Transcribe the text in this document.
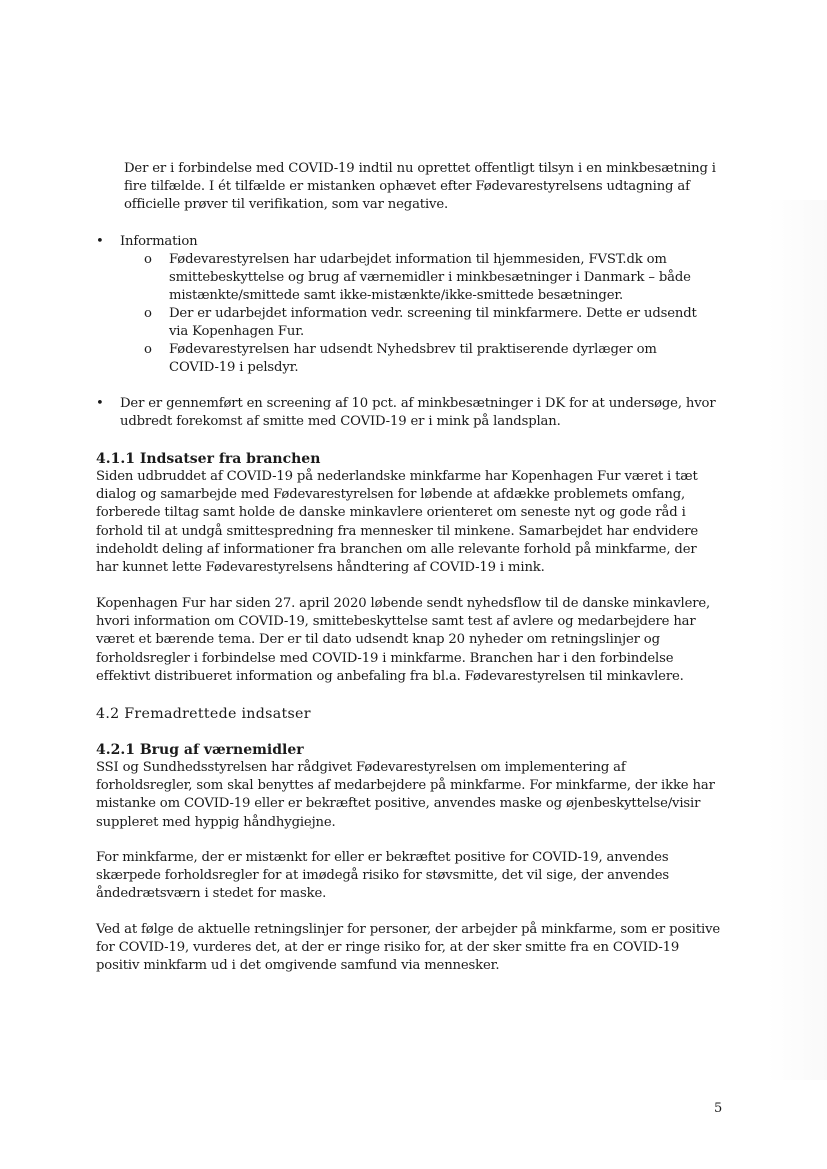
Der er i forbindelse med COVID-19 indtil nu oprettet offentligt tilsyn i en minkbesætning i fire tilfælde. I ét tilfælde er mistanken ophævet efter Fødevarestyrelsens udtagning af officielle prøver til verifikation, som var negative.

•	Information
o	Fødevarestyrelsen har udarbejdet information til hjemmesiden, FVST.dk om smittebeskyttelse og brug af værnemidler i minkbesætninger i Danmark – både mistænkte/smittede samt ikke-mistænkte/ikke-smittede besætninger.
o	Der er udarbejdet information vedr. screening til minkfarmere. Dette er udsendt via Kopenhagen Fur.
o	Fødevarestyrelsen har udsendt Nyhedsbrev til praktiserende dyrlæger om COVID-19 i pelsdyr.
•	Der er gennemført en screening af 10 pct. af minkbesætninger i DK for at undersøge, hvor udbredt forekomst af smitte med COVID-19 er i mink på landsplan.
4.1.1 Indsatser fra branchen

Siden udbruddet af COVID-19 på nederlandske minkfarme har Kopenhagen Fur været i tæt dialog og samarbejde med Fødevarestyrelsen for løbende at afdække problemets omfang, forberede tiltag samt holde de danske minkavlere orienteret om seneste nyt og gode råd i forhold til at undgå smittespredning fra mennesker til minkene. Samarbejdet har endvidere indeholdt deling af informationer fra branchen om alle relevante forhold på minkfarme, der har kunnet lette Fødevarestyrelsens håndtering af COVID-19 i mink.

Kopenhagen Fur har siden 27. april 2020 løbende sendt nyhedsflow til de danske minkavlere, hvori information om COVID-19, smittebeskyttelse samt test af avlere og medarbejdere har været et bærende tema. Der er til dato udsendt knap 20 nyheder om retningslinjer og forholdsregler i forbindelse med COVID-19 i minkfarme. Branchen har i den forbindelse effektivt distribueret information og anbefaling fra bl.a. Fødevarestyrelsen til minkavlere.

4.2 Fremadrettede indsatser
4.2.1 Brug af værnemidler

SSI og Sundhedsstyrelsen har rådgivet Fødevarestyrelsen om implementering af forholdsregler, som skal benyttes af medarbejdere på minkfarme. For minkfarme, der ikke har mistanke om COVID-19 eller er bekræftet positive, anvendes maske og øjenbeskyttelse/visir suppleret med hyppig håndhygiejne.

For minkfarme, der er mistænkt for eller er bekræftet positive for COVID-19, anvendes skærpede forholdsregler for at imødegå risiko for støvsmitte, det vil sige, der anvendes åndedrætsværn i stedet for maske.

Ved at følge de aktuelle retningslinjer for personer, der arbejder på minkfarme, som er positive for COVID-19, vurderes det, at der er ringe risiko for, at der sker smitte fra en COVID-19 positiv minkfarm ud i det omgivende samfund via mennesker.

5
